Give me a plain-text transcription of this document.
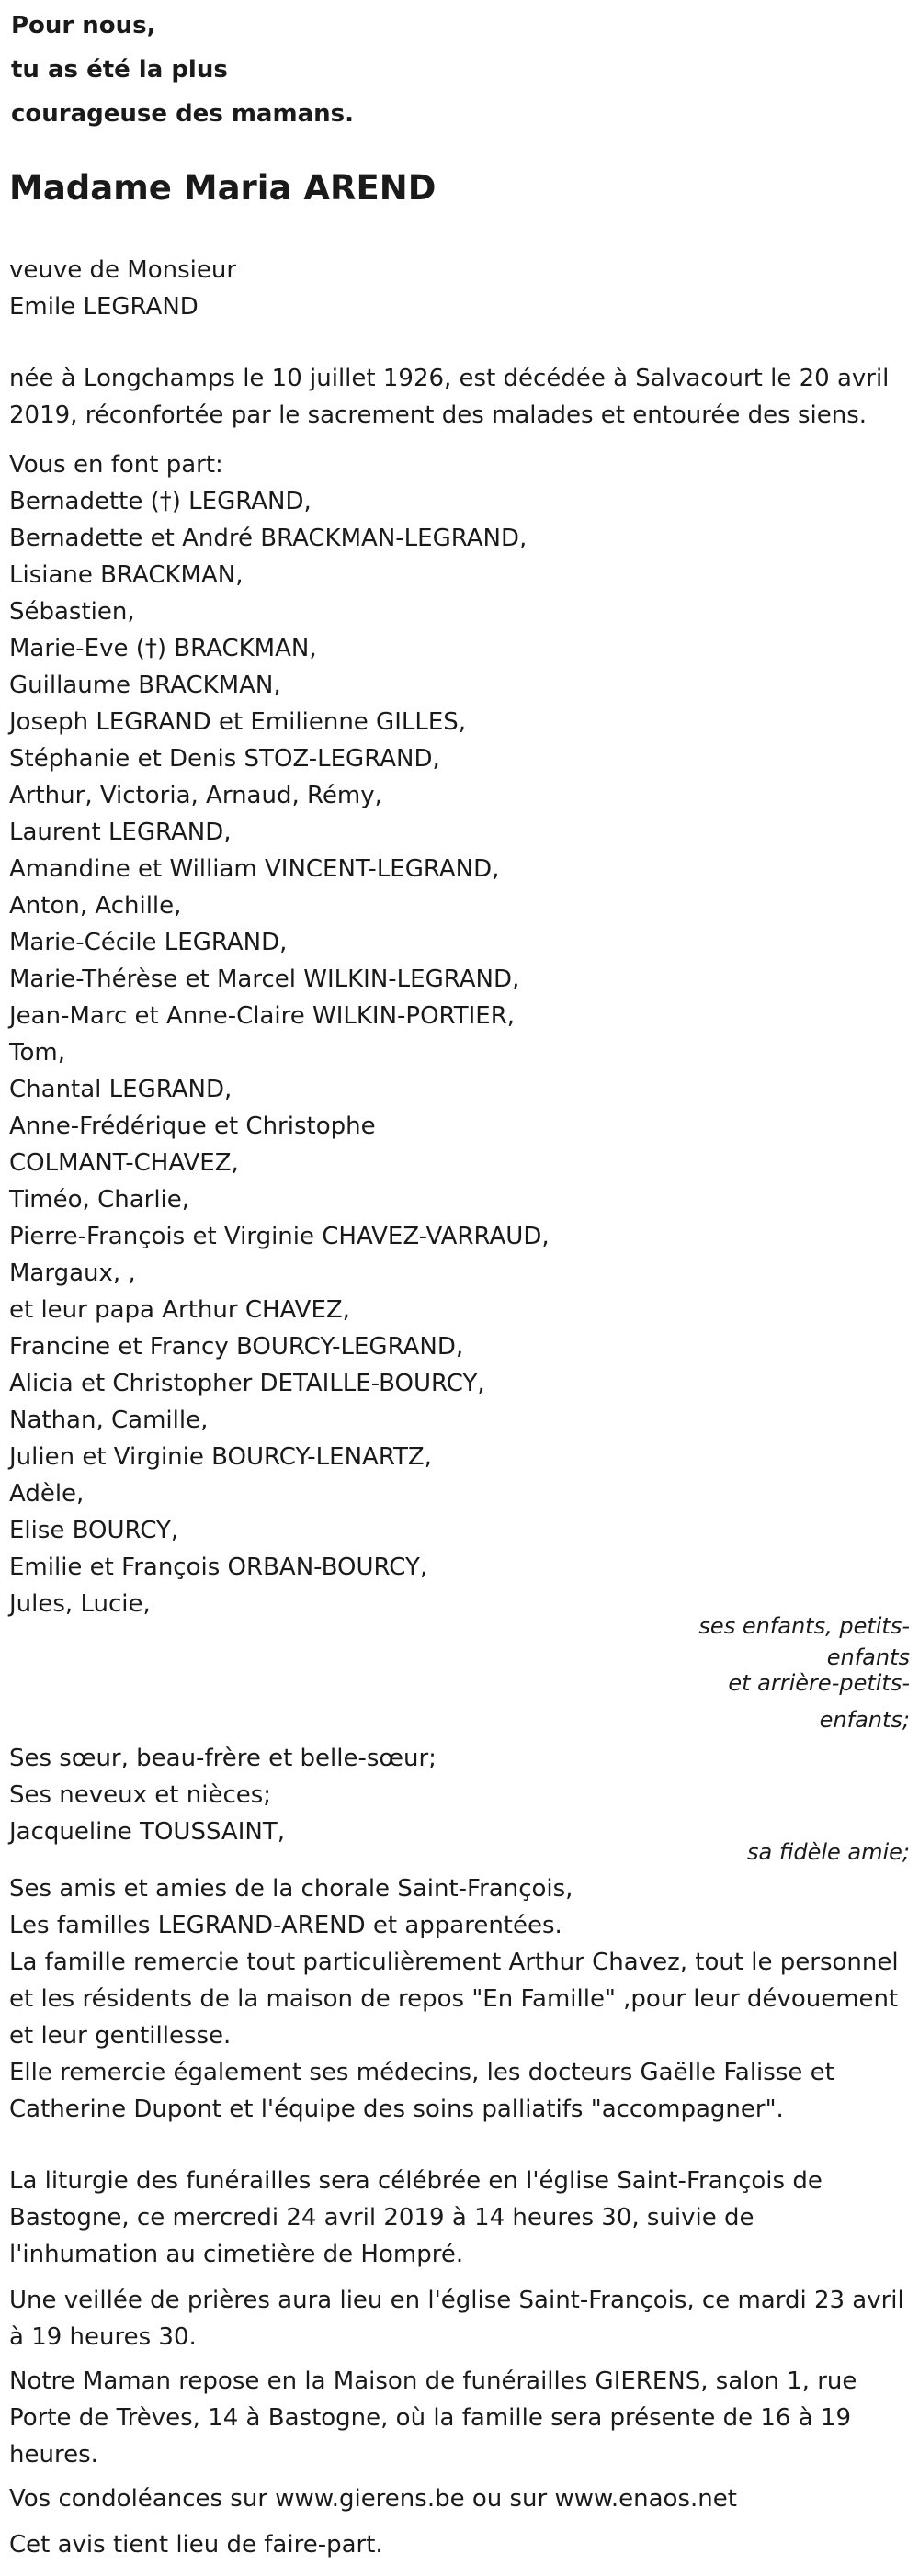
Pour nous,

tu as été la plus

courageuse des mamans.

Madame Maria AREND

veuve de Monsieur

Emile LEGRAND

née à Longchamps le 10 juillet 1926, est décédée à Salvacourt le 20 avril 2019, réconfortée par le sacrement des malades et entourée des siens.

Vous en font part:

Bernadette (†) LEGRAND,

Bernadette et André BRACKMAN-LEGRAND,

Lisiane BRACKMAN,

Sébastien,

Marie-Eve (†) BRACKMAN,

Guillaume BRACKMAN,

Joseph LEGRAND et Emilienne GILLES,

Stéphanie et Denis STOZ-LEGRAND,

Arthur, Victoria, Arnaud, Rémy,

Laurent LEGRAND,

Amandine et William VINCENT-LEGRAND,

Anton, Achille,

Marie-Cécile LEGRAND,

Marie-Thérèse et Marcel WILKIN-LEGRAND,

Jean-Marc et Anne-Claire WILKIN-PORTIER,

Tom,

Chantal LEGRAND,

Anne-Frédérique et Christophe

COLMANT-CHAVEZ,

Timéo, Charlie,

Pierre-François et Virginie CHAVEZ-VARRAUD,

Margaux, ,

et leur papa Arthur CHAVEZ,

Francine et Francy BOURCY-LEGRAND,

Alicia et Christopher DETAILLE-BOURCY,

Nathan, Camille,

Julien et Virginie BOURCY-LENARTZ,

Adèle,

Elise BOURCY,

Emilie et François ORBAN-BOURCY,

Jules, Lucie,

ses enfants, petits-

enfants

et arrière-petits-

enfants;

Ses sœur, beau-frère et belle-sœur;

Ses neveux et nièces;

Jacqueline TOUSSAINT,

sa fidèle amie;

Ses amis et amies de la chorale Saint-François,

Les familles LEGRAND-AREND et apparentées.

La famille remercie tout particulièrement Arthur Chavez, tout le personnel et les résidents de la maison de repos "En Famille" ,pour leur dévouement et leur gentillesse.

Elle remercie également ses médecins, les docteurs Gaëlle Falisse et Catherine Dupont et l'équipe des soins palliatifs "accompagner".

La liturgie des funérailles sera célébrée en l'église Saint-François de Bastogne, ce mercredi 24 avril 2019 à 14 heures 30, suivie de l'inhumation au cimetière de Hompré.

Une veillée de prières aura lieu en l'église Saint-François, ce mardi 23 avril à 19 heures 30.

Notre Maman repose en la Maison de funérailles GIERENS, salon 1, rue Porte de Trèves, 14 à Bastogne, où la famille sera présente de 16 à 19 heures.

Vos condoléances sur www.gierens.be ou sur www.enaos.net

Cet avis tient lieu de faire-part.
